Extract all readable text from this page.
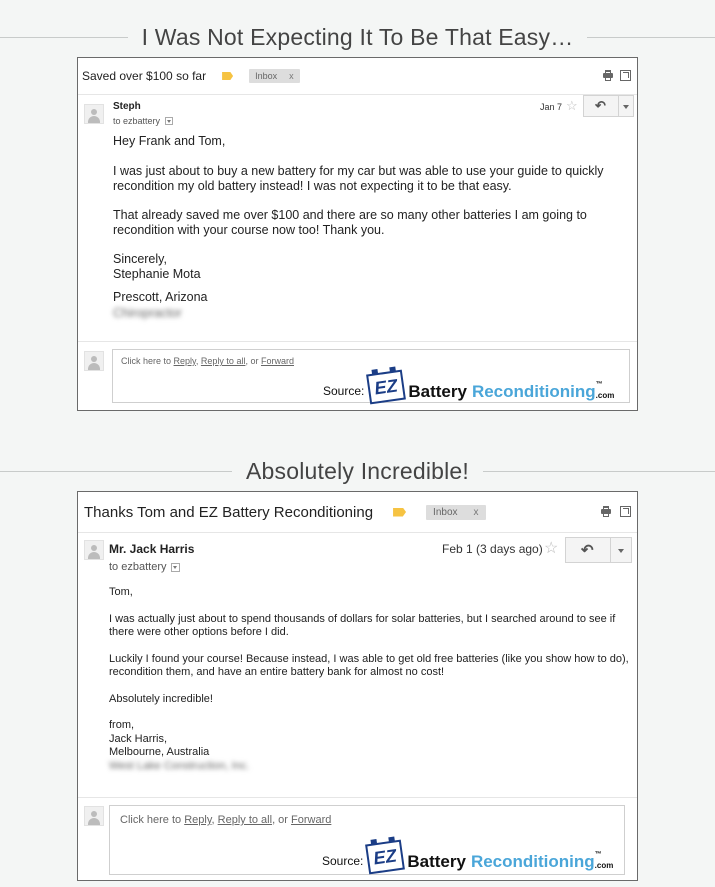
I Was Not Expecting It To Be That Easy…
Saved over $100 so far	Inbox x
Steph
to ezbattery
Jan 7 ☆ ↶

Hey Frank and Tom,

I was just about to buy a new battery for my car but was able to use your guide to quickly recondition my old battery instead! I was not expecting it to be that easy.

That already saved me over $100 and there are so many other batteries I am going to recondition with your course now too! Thank you.

Sincerely,

Stephanie Mota

Prescott, Arizona

Chiropractor

Click here to Reply, Reply to all, or Forward
Source: EZ Battery Reconditioning ™
.com
Absolutely Incredible!
Thanks Tom and EZ Battery Reconditioning	Inbox x
Mr. Jack Harris
to ezbattery
Feb 1 (3 days ago) ☆ ↶

Tom,

I was actually just about to spend thousands of dollars for solar batteries, but I searched around to see if there were other options before I did.

Luckily I found your course! Because instead, I was able to get old free batteries (like you show how to do), recondition them, and have an entire battery bank for almost no cost!

Absolutely incredible!

from,

Jack Harris,

Melbourne, Australia

West Lake Construction, Inc.

Click here to Reply, Reply to all, or Forward
Source: EZ Battery Reconditioning ™
.com
